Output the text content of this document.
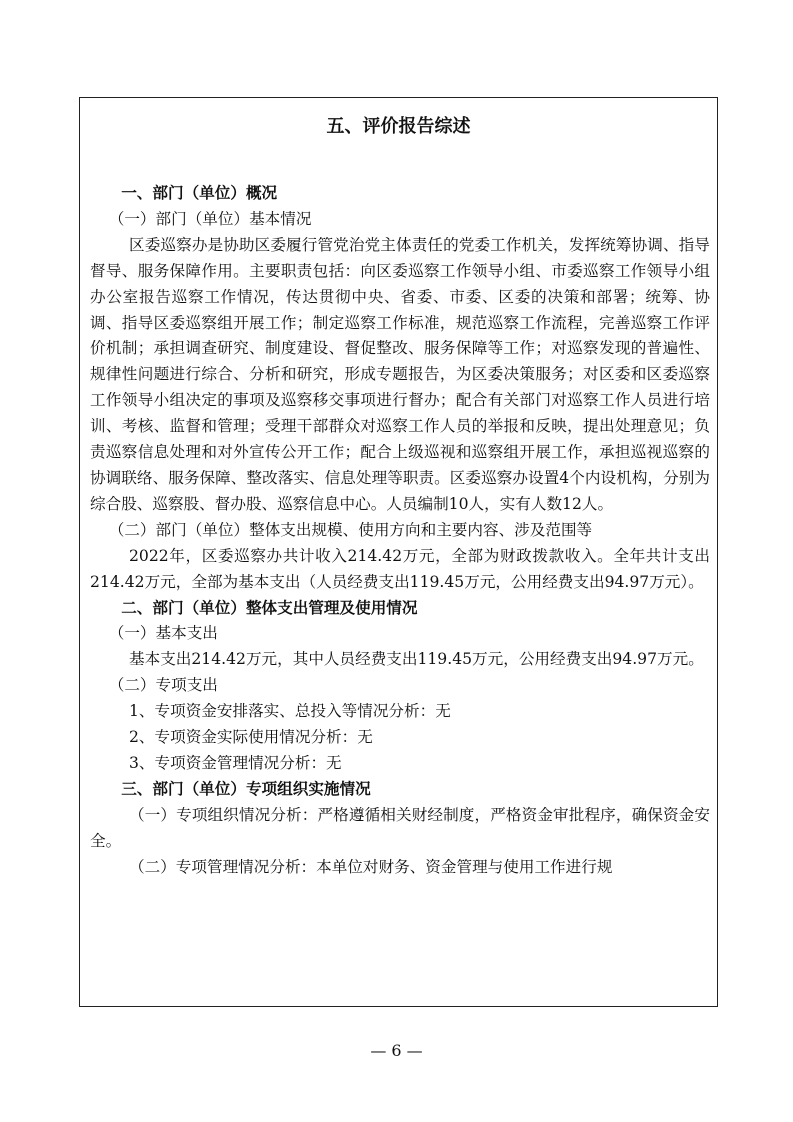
五、评价报告综述

一、部门（单位）概况

（一）部门（单位）基本情况

区委巡察办是协助区委履行管党治党主体责任的党委工作机关，发挥统筹协调、指导督导、服务保障作用。主要职责包括：向区委巡察工作领导小组、市委巡察工作领导小组办公室报告巡察工作情况，传达贯彻中央、省委、市委、区委的决策和部署；统筹、协调、指导区委巡察组开展工作；制定巡察工作标准，规范巡察工作流程，完善巡察工作评价机制；承担调查研究、制度建设、督促整改、服务保障等工作；对巡察发现的普遍性、规律性问题进行综合、分析和研究，形成专题报告，为区委决策服务；对区委和区委巡察工作领导小组决定的事项及巡察移交事项进行督办；配合有关部门对巡察工作人员进行培训、考核、监督和管理；受理干部群众对巡察工作人员的举报和反映，提出处理意见；负责巡察信息处理和对外宣传公开工作；配合上级巡视和巡察组开展工作，承担巡视巡察的协调联络、服务保障、整改落实、信息处理等职责。区委巡察办设置4个内设机构，分别为综合股、巡察股、督办股、巡察信息中心。人员编制10人，实有人数12人。

（二）部门（单位）整体支出规模、使用方向和主要内容、涉及范围等

2022年，区委巡察办共计收入214.42万元，全部为财政拨款收入。全年共计支出214.42万元，全部为基本支出（人员经费支出119.45万元，公用经费支出94.97万元）。

二、部门（单位）整体支出管理及使用情况

（一）基本支出

基本支出214.42万元，其中人员经费支出119.45万元，公用经费支出94.97万元。

（二）专项支出

1、专项资金安排落实、总投入等情况分析：无

2、专项资金实际使用情况分析：无

3、专项资金管理情况分析：无

三、部门（单位）专项组织实施情况

（一）专项组织情况分析：严格遵循相关财经制度，严格资金审批程序，确保资金安全。

（二）专项管理情况分析：本单位对财务、资金管理与使用工作进行规

— 6 —
